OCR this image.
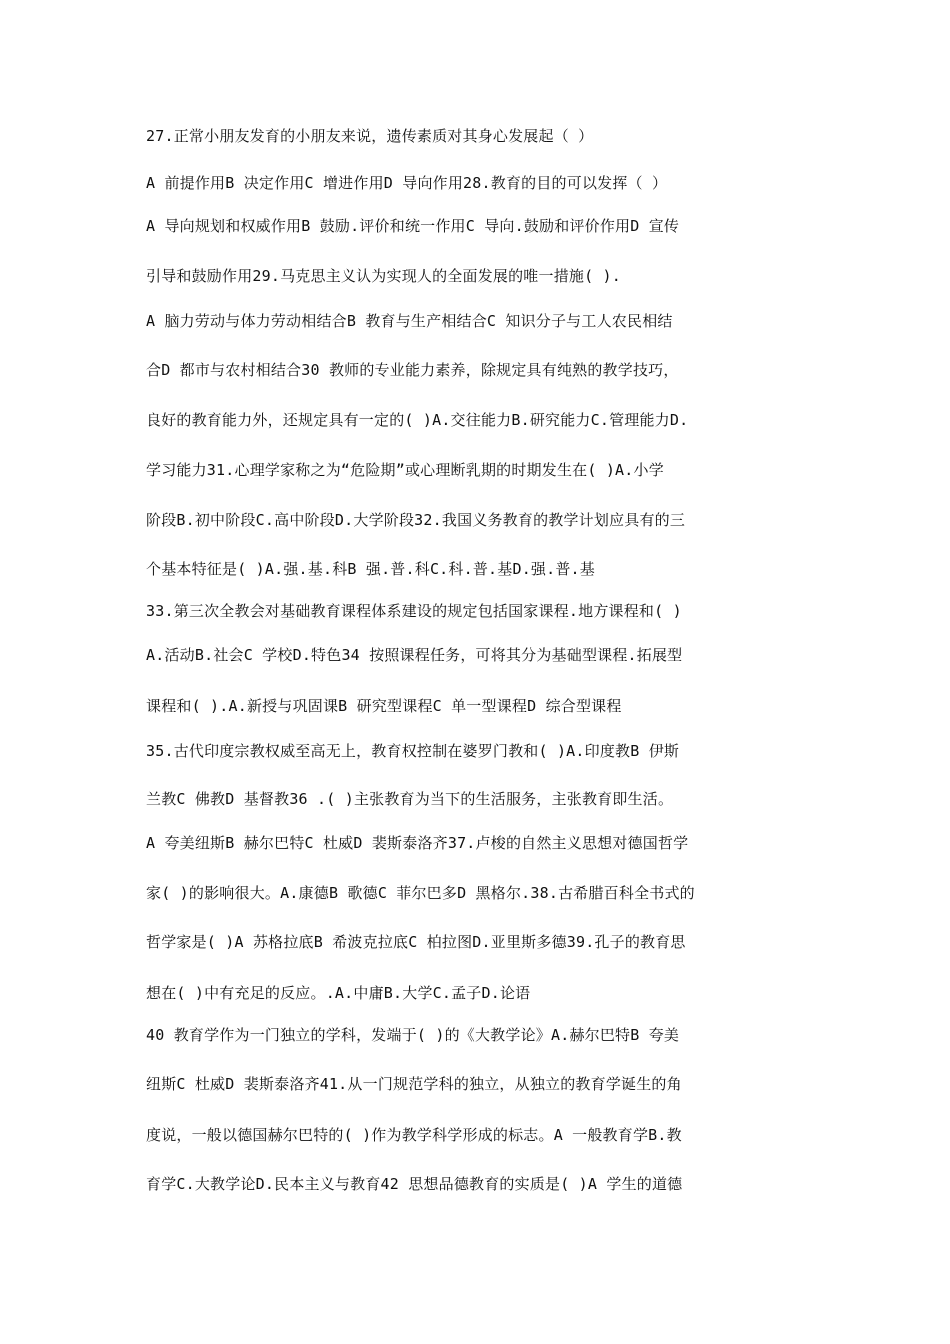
27.正常小朋友发育的小朋友来说，遗传素质对其身心发展起（ ）
A 前提作用B 决定作用C 增进作用D 导向作用28.教育的目的可以发挥（ ）
A 导向规划和权威作用B 鼓励.评价和统一作用C 导向.鼓励和评价作用D 宣传
引导和鼓励作用29.马克思主义认为实现人的全面发展的唯一措施( ).
A 脑力劳动与体力劳动相结合B 教育与生产相结合C 知识分子与工人农民相结
合D 都市与农村相结合30 教师的专业能力素养，除规定具有纯熟的教学技巧，
良好的教育能力外，还规定具有一定的( )A.交往能力B.研究能力C.管理能力D.
学习能力31.心理学家称之为“危险期”或心理断乳期的时期发生在( )A.小学
阶段B.初中阶段C.高中阶段D.大学阶段32.我国义务教育的教学计划应具有的三
个基本特征是( )A.强.基.科B 强.普.科C.科.普.基D.强.普.基
33.第三次全教会对基础教育课程体系建设的规定包括国家课程.地方课程和( )
A.活动B.社会C 学校D.特色34 按照课程任务，可将其分为基础型课程.拓展型
课程和( ).A.新授与巩固课B 研究型课程C 单一型课程D 综合型课程
35.古代印度宗教权威至高无上，教育权控制在婆罗门教和( )A.印度教B 伊斯
兰教C 佛教D 基督教36 .( )主张教育为当下的生活服务，主张教育即生活。
A 夸美纽斯B 赫尔巴特C 杜威D 裴斯泰洛齐37.卢梭的自然主义思想对德国哲学
家( )的影响很大。A.康德B 歌德C 菲尔巴多D 黑格尔.38.古希腊百科全书式的
哲学家是( )A 苏格拉底B 希波克拉底C 柏拉图D.亚里斯多德39.孔子的教育思
想在( )中有充足的反应。.A.中庸B.大学C.孟子D.论语
40 教育学作为一门独立的学科，发端于( )的《大教学论》A.赫尔巴特B 夸美
纽斯C 杜威D 裴斯泰洛齐41.从一门规范学科的独立，从独立的教育学诞生的角
度说，一般以德国赫尔巴特的( )作为教学科学形成的标志。A 一般教育学B.教
育学C.大教学论D.民本主义与教育42 思想品德教育的实质是( )A 学生的道德
